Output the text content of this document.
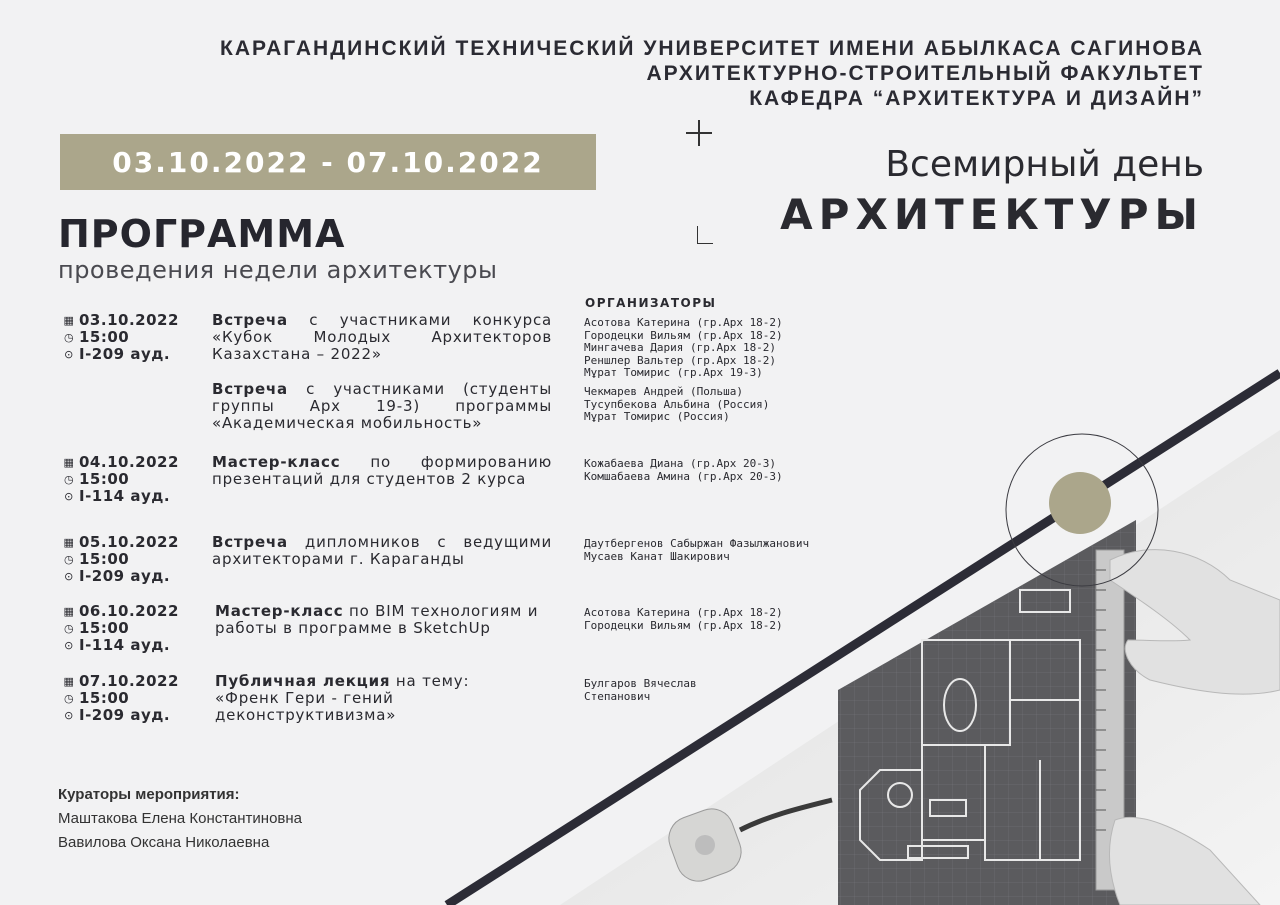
КАРАГАНДИНСКИЙ ТЕХНИЧЕСКИЙ УНИВЕРСИТЕТ ИМЕНИ АБЫЛКАСА САГИНОВА
АРХИТЕКТУРНО-СТРОИТЕЛЬНЫЙ ФАКУЛЬТЕТ
КАФЕДРА “АРХИТЕКТУРА И ДИЗАЙН”
03.10.2022 - 07.10.2022
ПРОГРАММА
проведения недели архитектуры
Всемирный день
АРХИТЕКТУРЫ
ОРГАНИЗАТОРЫ
▦ 03.10.2022
◷ 15:00
⊙ I-209 ауд.
Встреча с участниками конкурса «Кубок Молодых Архитекторов Казахстана – 2022»
Встреча с участниками (студенты группы Арх 19-3) программы «Академическая мобильность»
Асотова Катерина (гр.Арх 18-2)
Городецки Вильям (гр.Арх 18-2)
Мингачева Дария (гр.Арх 18-2)
Реншлер Вальтер (гр.Арх 18-2)
Мұрат Томирис (гр.Арх 19-3)
Чекмарев Андрей (Польша)
Тусупбекова Альбина (Россия)
Мұрат Томирис (Россия)
▦ 04.10.2022
◷ 15:00
⊙ I-114 ауд.
Мастер-класс по формированию презентаций для студентов 2 курса
Кожабаева Диана (гр.Арх 20-3)
Комшабаева Амина (гр.Арх 20-3)
▦ 05.10.2022
◷ 15:00
⊙ I-209 ауд.
Встреча дипломников с ведущими архитекторами г. Караганды
Даутбергенов Сабыржан Фазылжанович
Мусаев Канат Шакирович
▦ 06.10.2022
◷ 15:00
⊙ I-114 ауд.
Мастер-класс по BIM технологиям и работы в программе в SketchUp
Асотова Катерина (гр.Арх 18-2)
Городецки Вильям (гр.Арх 18-2)
▦ 07.10.2022
◷ 15:00
⊙ I-209 ауд.
Публичная лекция на тему: «Френк Гери - гений деконструктивизма»
Булгаров Вячеслав
Степанович
Кураторы мероприятия:
Маштакова Елена Константиновна
Вавилова Оксана Николаевна
